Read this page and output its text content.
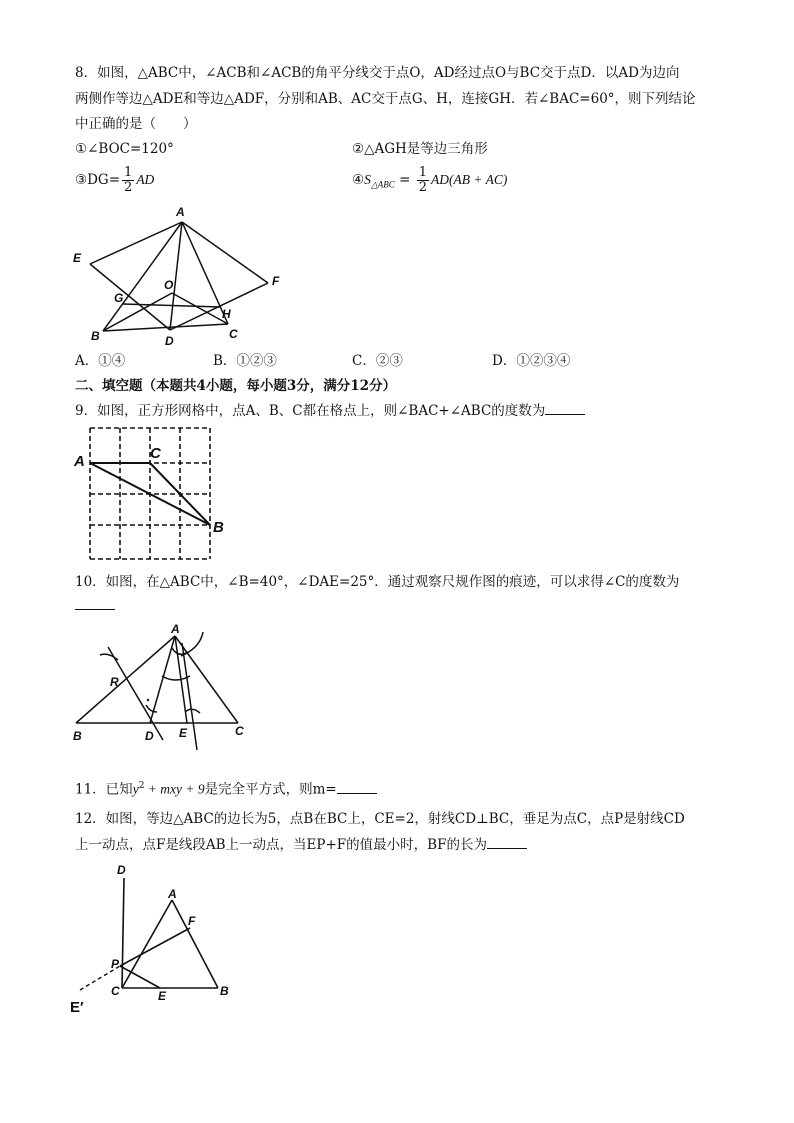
8．如图，△ABC中，∠ACB和∠ACB的角平分线交于点O，AD经过点O与BC交于点D．以AD为边向
两侧作等边△ADE和等边△ADF，分别和AB、AC交于点G、H，连接GH．若∠BAC=60°，则下列结论
中正确的是（　　）
①∠BOC=120°	②△AGH是等边三角形
③DG= $\frac{1}{2}$ AD	$④S_{\triangle ABC} = \frac{1}{2} AD(AB + AC)$
A
E
F
G
O
H
B	C
D
A．①④	B．①②③	C．②③	D．①②③④
二、填空题（本题共4小题，每小题3分，满分12分）
9．如图，正方形网格中，点A、B、C都在格点上，则∠BAC+∠ABC的度数为
A
B
C
10．如图，在△ABC中，∠B=40°，∠DAE=25°．通过观察尺规作图的痕迹，可以求得∠C的度数为
A
R
B	D E	C
11．已知$y^2$ + mxy + 9是完全平方式，则m=
12．如图，等边△ABC的边长为5，点B在BC上，CE=2，射线CD⊥BC，垂足为点C，点P是射线CD
上一动点，点F是线段AB上一动点，当EP+F的值最小时，BF的长为
D
A
F
P
C	E	B
E′
